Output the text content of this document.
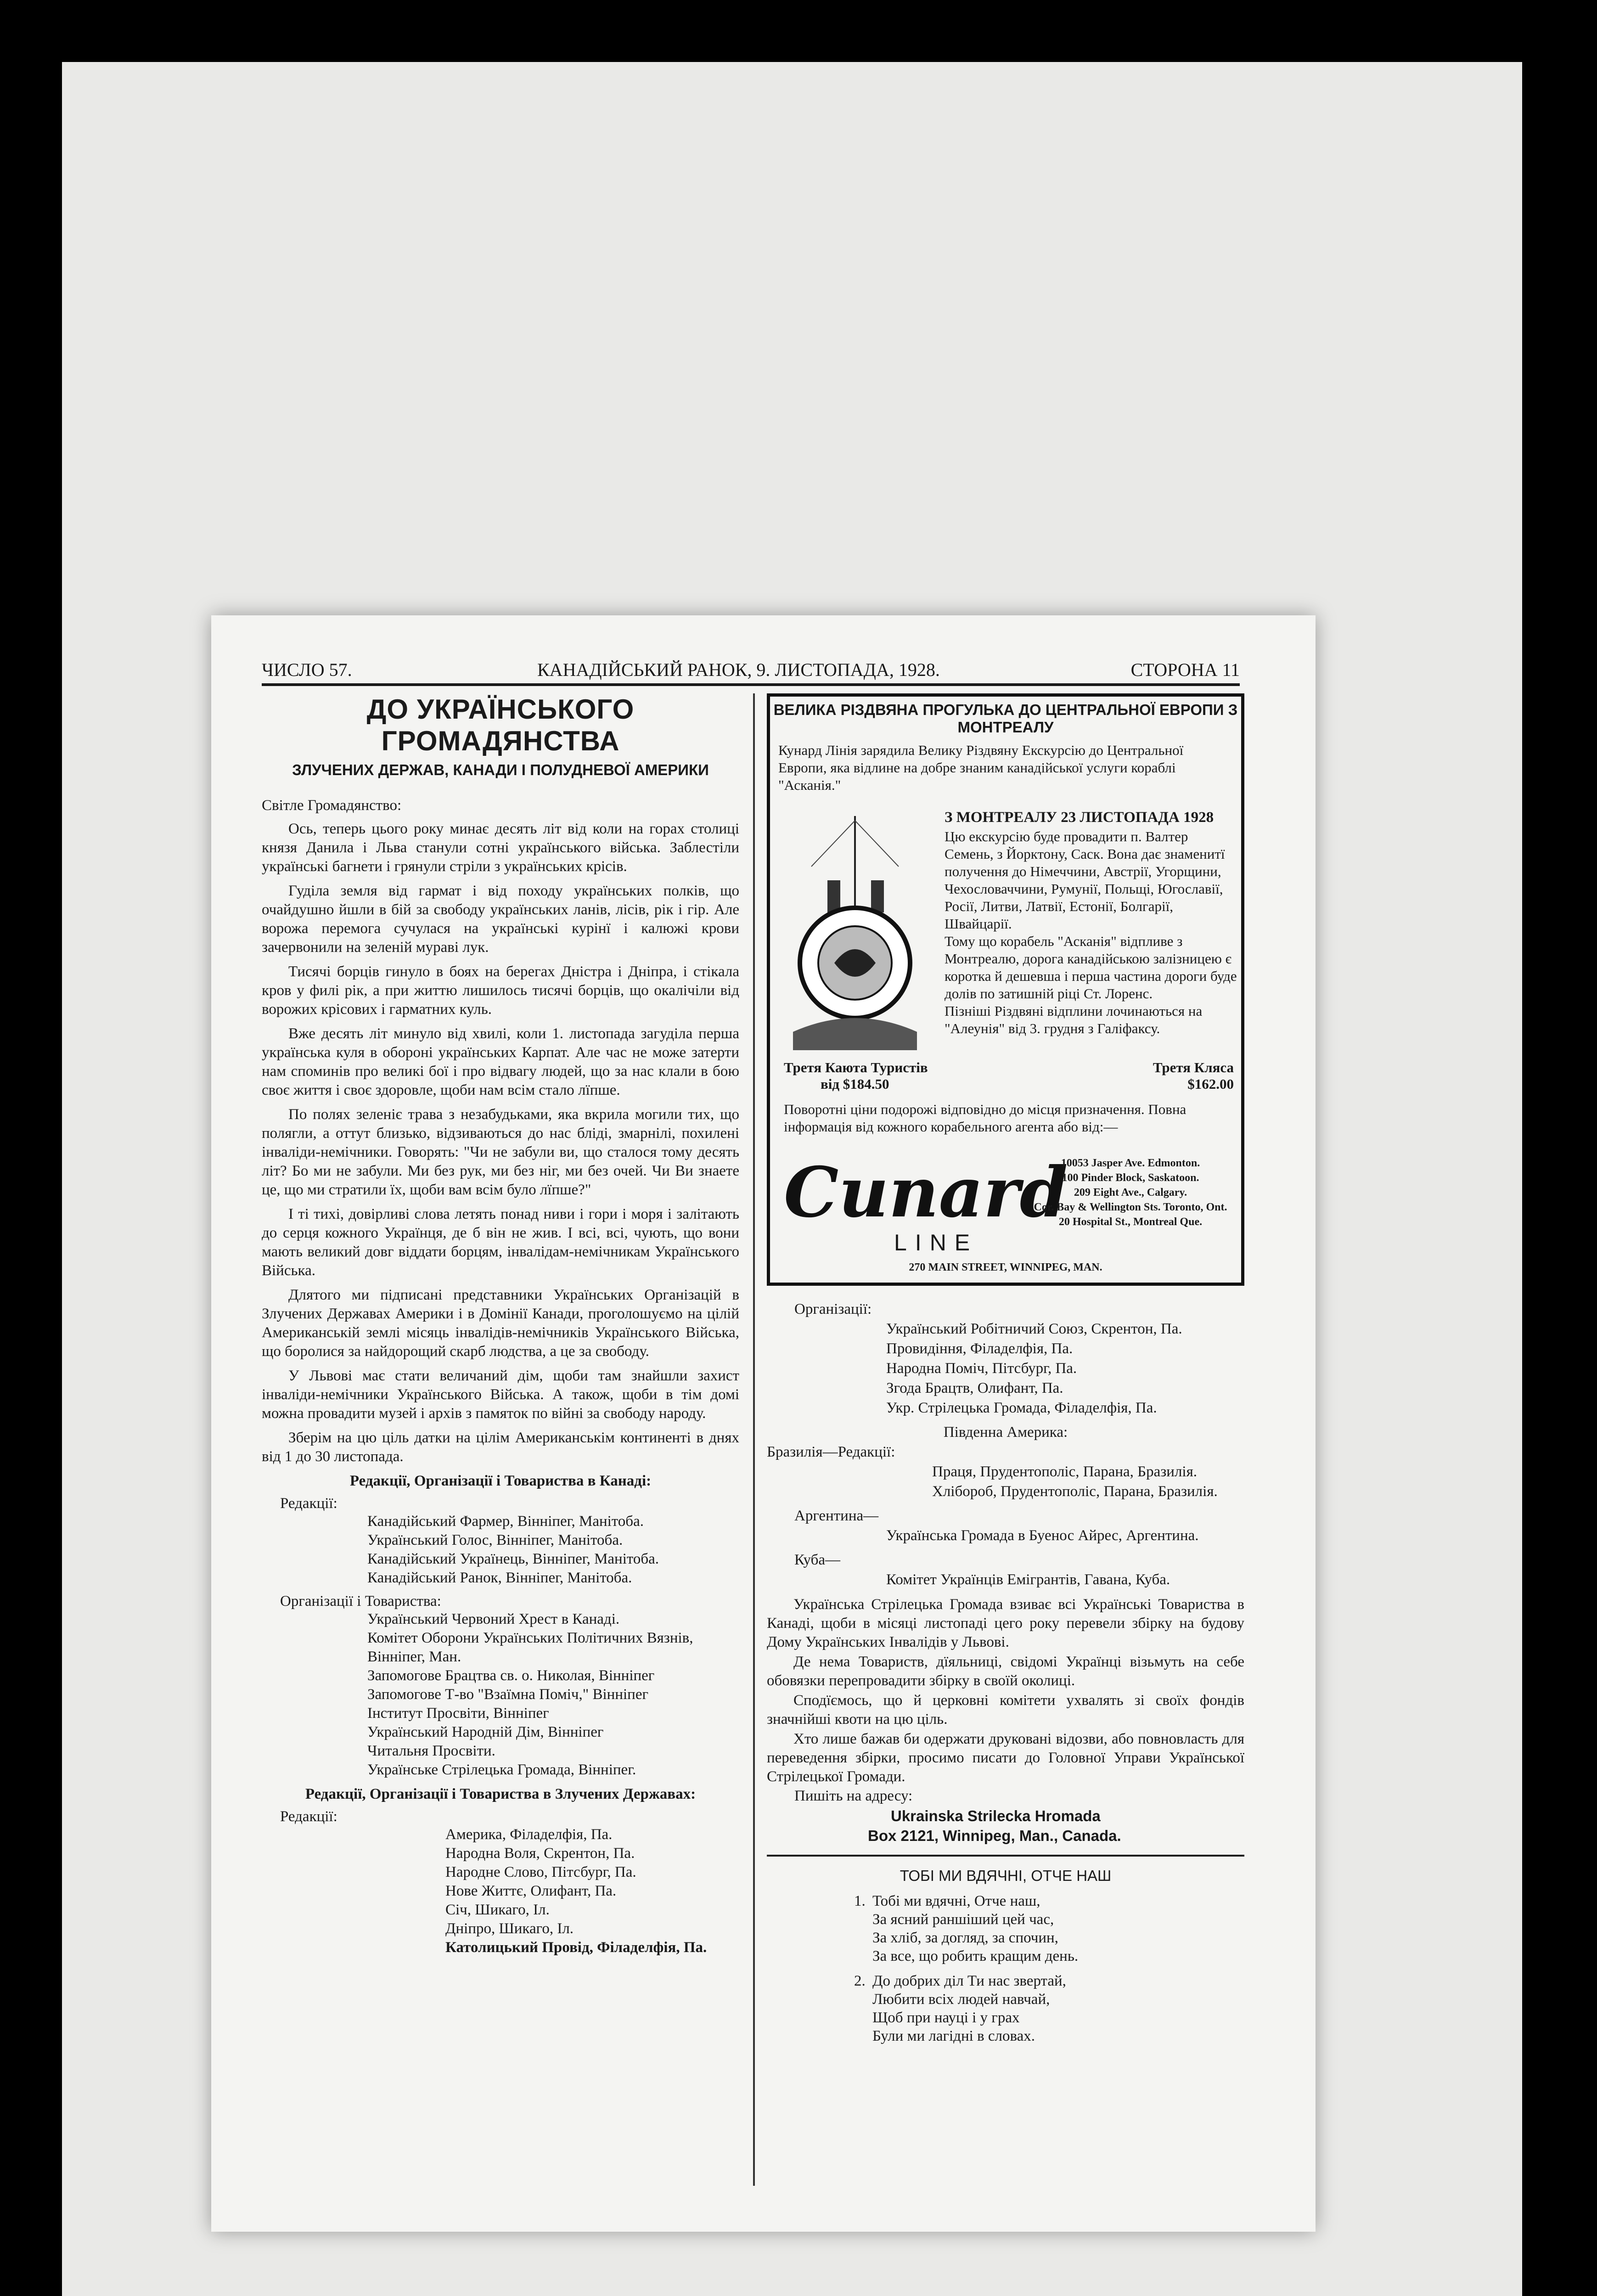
ЧИСЛО 57.	КАНАДІЙСЬКИЙ РАНОК, 9. ЛИСТОПАДА, 1928.	СТОРОНА 11
ДО УКРАЇНСЬКОГО ГРОМАДЯНСТВА
ЗЛУЧЕНИХ ДЕРЖАВ, КАНАДИ І ПОЛУДНЕВОЇ АМЕРИКИ
Світле Громадянство:

Ось, теперь цього року минає десять літ від коли на горах столиці князя Данила і Льва станули сотні українського війська. Заблестіли українські багнети і грянули стріли з українських крісів.

Гуділа земля від гармат і від походу українських полків, що очайдушно йшли в бій за свободу українських ланів, лісів, рік і гір. Але ворожа перемога сучулася на українські курінї і калюжі крови зачервонили на зеленій мураві лук.

Тисячі борців гинуло в боях на берегах Дністра і Дніпра, і стікала кров у филі рік, а при життю лишилось тисячі борців, що окалічіли від ворожих крісових і гарматних куль.

Вже десять літ минуло від хвилі, коли 1. листопада загуділа перша українська куля в обороні українських Карпат. Але час не може затерти нам споминів про великі бої і про відвагу людей, що за нас клали в бою своє життя і своє здоровле, щоби нам всім стало лїпше.

По полях зеленіє трава з незабудьками, яка вкрила могили тих, що полягли, а оттут близько, відзиваються до нас бліді, змарнілі, похилені інваліди-немічники. Говорять: "Чи не забули ви, що сталося тому десять літ? Бо ми не забули. Ми без рук, ми без ніг, ми без очей. Чи Ви знаете це, що ми стратили їх, щоби вам всім було лїпше?"

І ті тихі, довірливі слова летять понад ниви і гори і моря і залітають до серця кожного Українця, де б він не жив. І всі, всі, чують, що вони мають великий довг віддати борцям, інвалідам-немічникам Українського Війська.

Длятого ми підписані представники Українських Організацій в Злучених Державах Америки і в Домінії Канади, проголошуємо на цілій Американській землі місяць інвалідів-немічників Українського Війська, що боролися за найдорощий скарб людства, а це за свободу.

У Львові має стати величаний дім, щоби там знайшли захист інваліди-немічники Українського Війська. А також, щоби в тім домі можна провадити музей і архів з памяток по війні за свободу народу.

Зберім на цю ціль датки на цілім Американськім континенті в днях від 1 до 30 листопада.

Редакції, Організації і Товариства в Канаді:
Редакції:
Канадійський Фармер, Вінніпег, Манітоба.
Український Голос, Вінніпег, Манітоба.
Канадійський Українець, Вінніпег, Манітоба.
Канадійський Ранок, Вінніпег, Манітоба.
Організації і Товариства:
Український Червоний Хрест в Канаді.
Комітет Оборони Українських Політичних Вязнів, Вінніпег, Ман.
Запомогове Брацтва св. о. Николая, Вінніпег
Запомогове Т-во "Взаїмна Поміч," Вінніпег
Інститут Просвіти, Вінніпег
Український Народній Дім, Вінніпег
Читальня Просвіти.
Українське Стрілецька Громада, Вінніпег.
Редакції, Організації і Товариства в Злучених Державах:
Редакції:
Америка, Філаделфія, Па.
Народна Воля, Скрентон, Па.
Народне Слово, Пітсбург, Па.
Нове Життє, Олифант, Па.
Січ, Шикаго, Іл.
Дніпро, Шикаго, Іл.
Католицький Провід, Філаделфія, Па.
ВЕЛИКА РІЗДВЯНА ПРОГУЛЬКА ДО ЦЕНТРАЛЬНОЇ ЕВРОПИ З МОНТРЕАЛУ
Кунард Лінія зарядила Велику Різдвяну Екскурсію до Центральної Европи, яка відлине на добре знаним канадійської услуги кораблі "Асканія."
З МОНТРЕАЛУ 23 ЛИСТОПАДА 1928
Цю екскурсію буде провадити п. Валтер Семень, з Йорктону, Саск. Вона дає знаменитї получення до Німеччини, Австрії, Угорщини, Чехословаччини, Румунії, Польщі, Югославії, Росії, Литви, Латвії, Естонії, Болгарії, Швайцарії.
Тому що корабель "Асканія" відпливе з Монтреалю, дорога канадійською залізницею є коротка й дешевша і перша частина дороги буде долів по затишній ріці Ст. Лоренс.
Пізніші Різдвяні відплини лочинаються на "Алеунія" від 3. грудня з Галіфаксу.
Третя Каюта Туристів	Третя Кляса
від $184.50	$162.00
Поворотні ціни подорожі відповідно до місця призначення. Повна інформація від кожного корабельного агента або від:—
Cunard
LINE
10053 Jasper Ave. Edmonton.
100 Pinder Block, Saskatoon.
209 Eight Ave., Calgary.
Cor. Bay & Wellington Sts. Toronto, Ont.
20 Hospital St., Montreal Que.
270 MAIN STREET, WINNIPEG, MAN.
Організації:
Український Робітничий Союз, Скрентон, Па.
Провидіння, Філаделфія, Па.
Народна Поміч, Пітсбург, Па.
Згода Брацтв, Олифант, Па.
Укр. Стрілецька Громада, Філаделфія, Па.
Південна Америка:
Бразилія—Редакції:
Праця, Прудентополіс, Парана, Бразилія.
Хлібороб, Прудентополіс, Парана, Бразилія.
Аргентина—
Українська Громада в Буенос Айрес, Аргентина.
Куба—
Комітет Українців Емігрантів, Гавана, Куба.

Українська Стрілецька Громада взиває всі Українські Товариства в Канаді, щоби в місяці листопаді цего року перевели збірку на будову Дому Українських Інвалідів у Львові.

Де нема Товариств, дїяльниці, свідомі Українці візьмуть на себе обовязки перепровадити збірку в своїй околиці.

Сподїємось, що й церковні комітети ухвалять зі своїх фондів значнійші квоти на цю ціль.

Хто лише бажав би одержати друковані відозви, або повновласть для переведення збірки, просимо писати до Головної Управи Української Стрілецької Громади.

Пишіть на адресу:
Ukrainska Strilecka Hromada
Box 2121, Winnipeg, Man., Canada.
ТОБІ МИ ВДЯЧНІ, ОТЧЕ НАШ
1. Тобі ми вдячні, Отче наш,
За ясний раншіший цей час,
За хліб, за догляд, за спочин,
За все, що робить кращим день.
2. До добрих діл Ти нас звертай,
Любити всіх людей навчай,
Щоб при науці і у грах
Були ми лагідні в словах.
